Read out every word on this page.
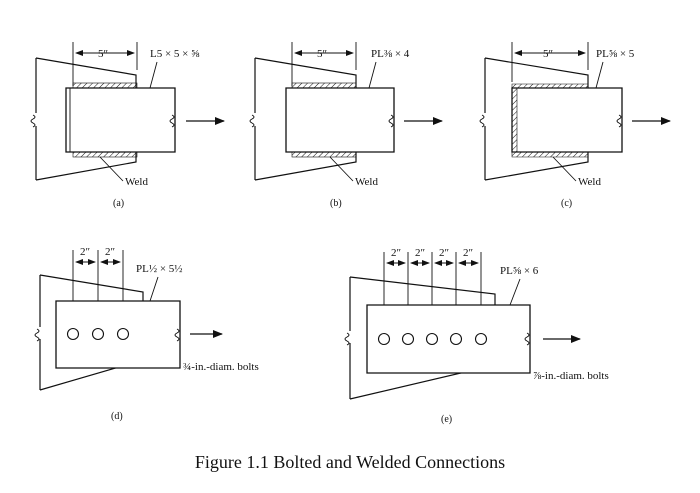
5″	L5 × 5 × ⅝
Weld
(a)
5″	PL⅜ × 4
Weld
(b)
5″	PL⅝ × 5
Weld
(c)
2″ 2″
PL½ × 5½
¾-in.-diam. bolts
(d)
2″ 2″ 2″ 2″
PL⅝ × 6
⅞-in.-diam. bolts
(e)
Figure 1.1 Bolted and Welded Connections
